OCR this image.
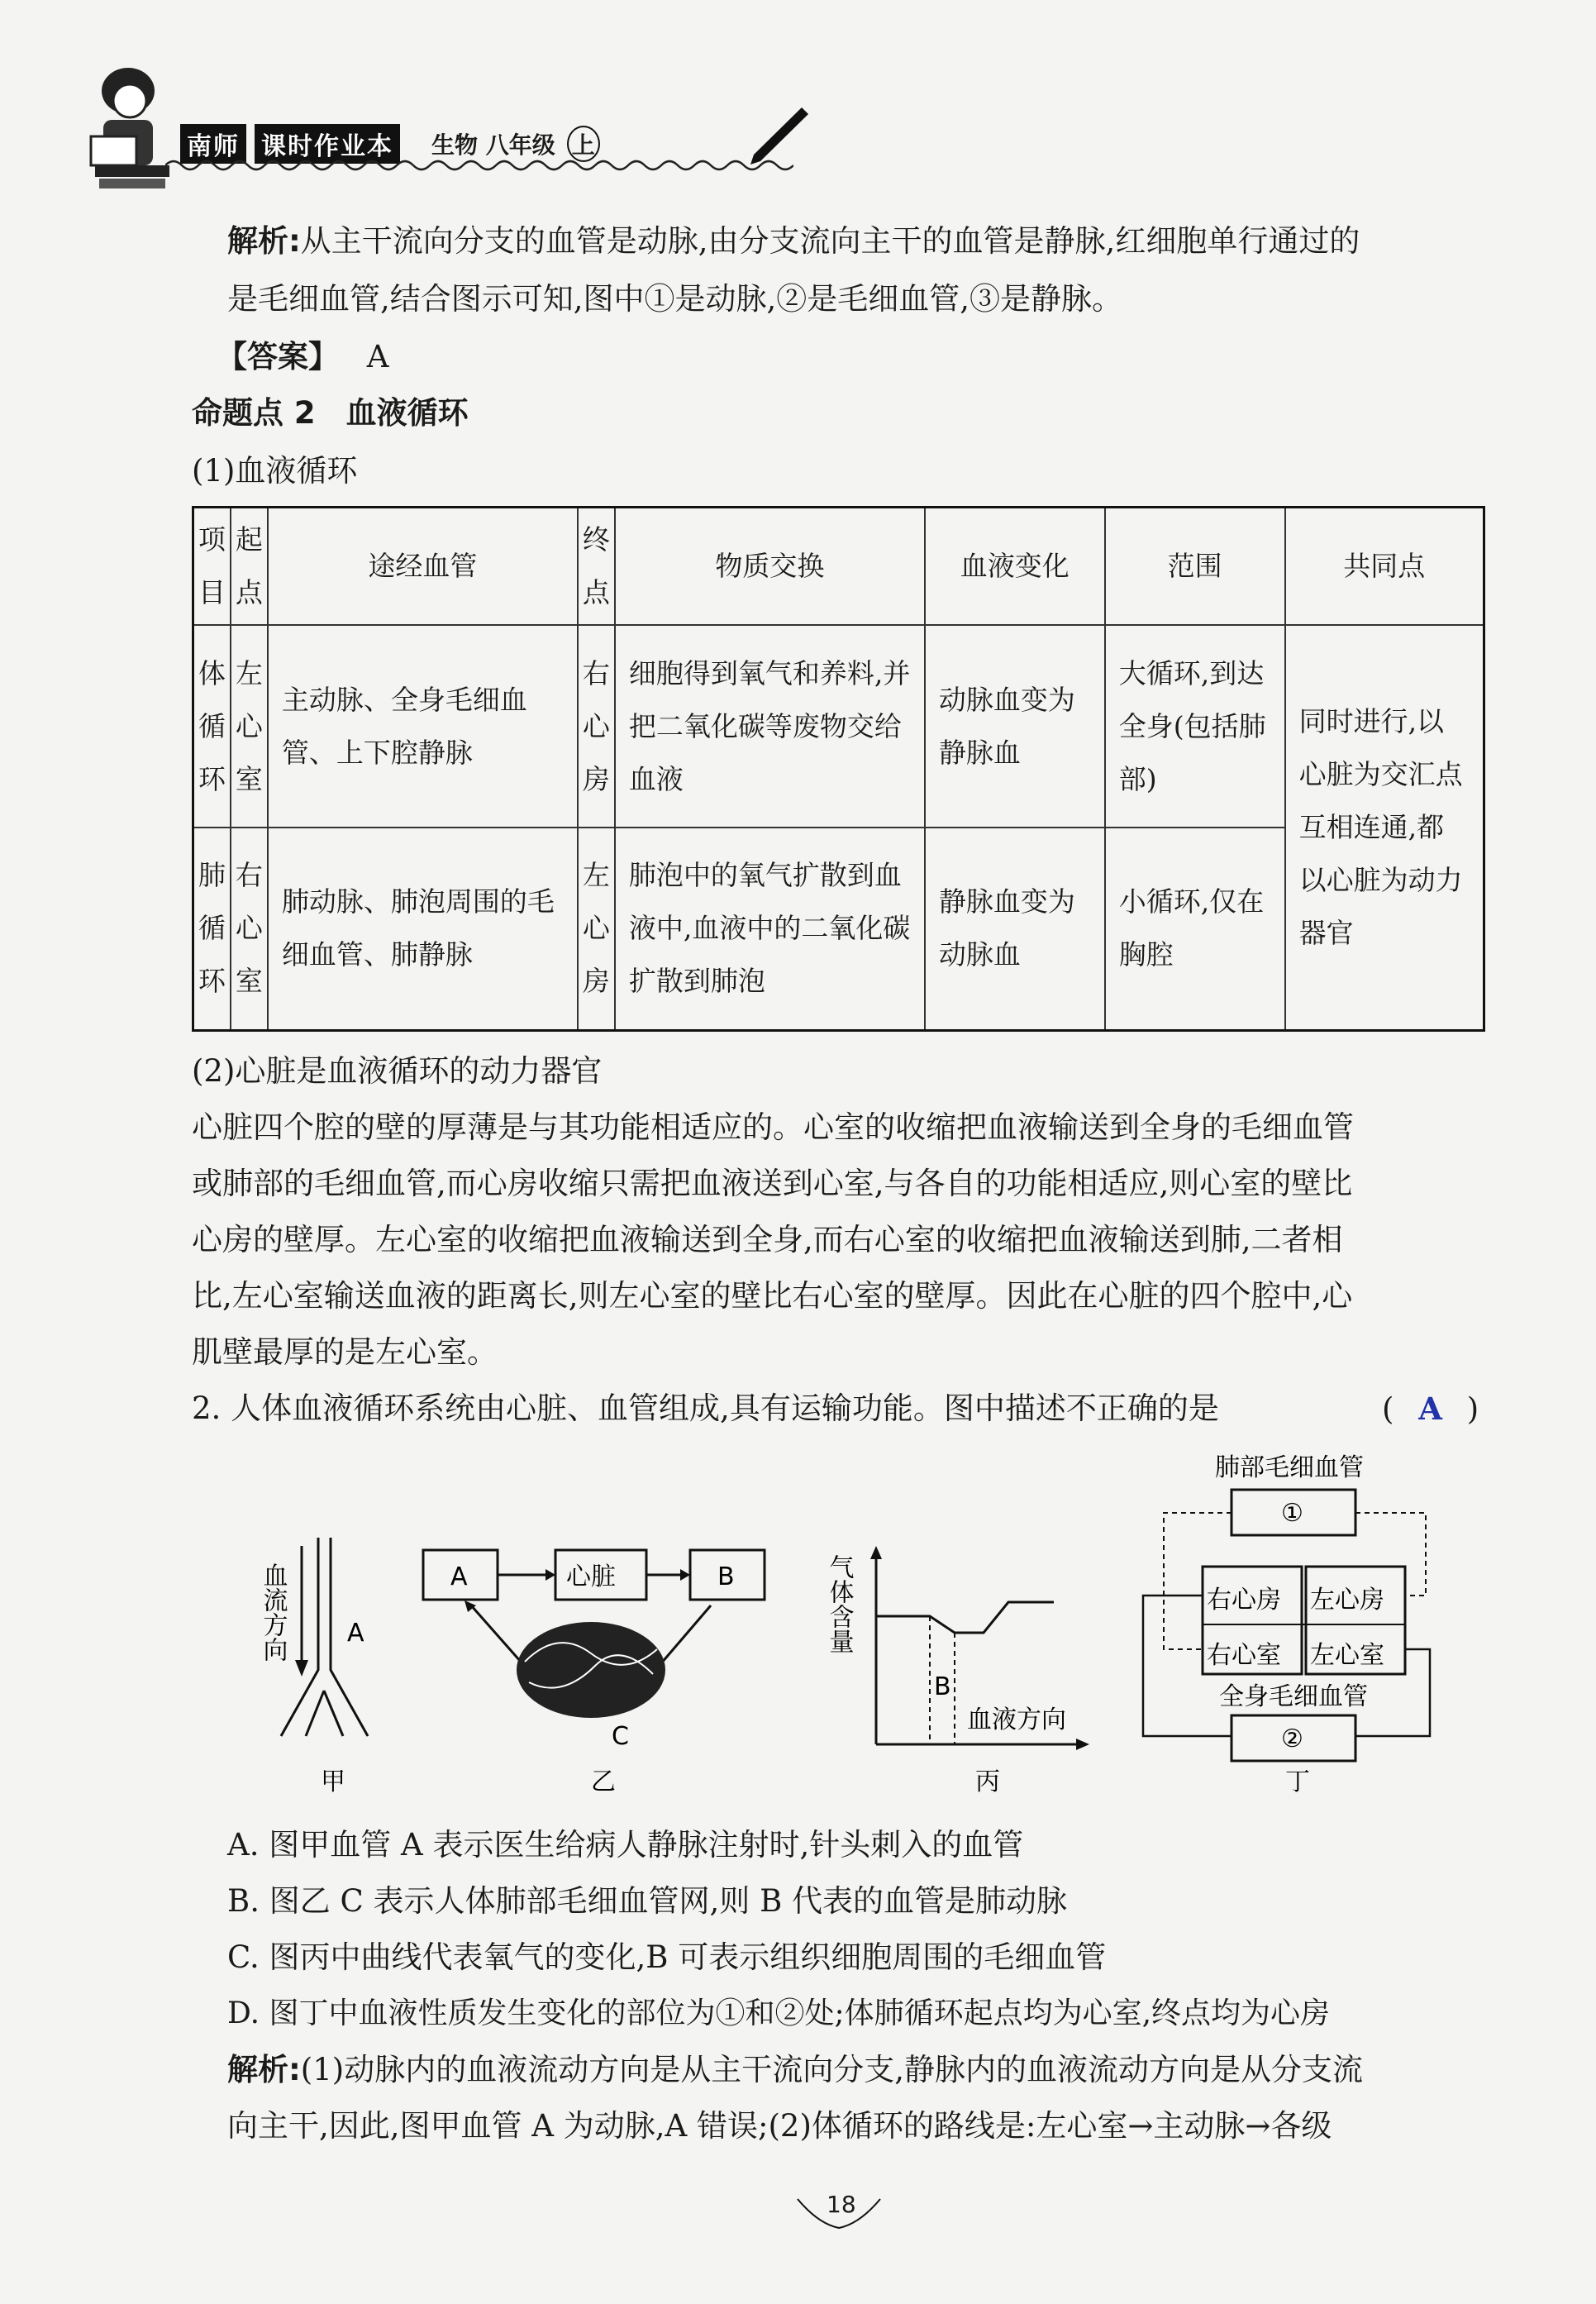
南师 课时作业本 生物 八年级 上

解析:从主干流向分支的血管是动脉,由分支流向主干的血管是静脉,红细胞单行通过的

是毛细血管,结合图示可知,图中①是动脉,②是毛细血管,③是静脉。

【答案】 A

命题点 2　血液循环

(1)血液循环

项目	起点	途经血管	终点	物质交换	血液变化	范围	共同点
体循环	左心室	主动脉、全身毛细血管、上下腔静脉	右心房	细胞得到氧气和养料,并把二氧化碳等废物交给血液	动脉血变为静脉血	大循环,到达全身(包括肺部)	同时进行,以心脏为交汇点互相连通,都以心脏为动力器官
肺循环	右心室	肺动脉、肺泡周围的毛细血管、肺静脉	左心房	肺泡中的氧气扩散到血液中,血液中的二氧化碳扩散到肺泡	静脉血变为动脉血	小循环,仅在胸腔	

(2)心脏是血液循环的动力器官

心脏四个腔的壁的厚薄是与其功能相适应的。心室的收缩把血液输送到全身的毛细血管

或肺部的毛细血管,而心房收缩只需把血液送到心室,与各自的功能相适应,则心室的壁比

心房的壁厚。左心室的收缩把血液输送到全身,而右心室的收缩把血液输送到肺,二者相

比,左心室输送血液的距离长,则左心室的壁比右心室的壁厚。因此在心脏的四个腔中,心

肌壁最厚的是左心室。

2. 人体血液循环系统由心脏、血管组成,具有运输功能。图中描述不正确的是	( A )

血流方向 A
甲
A	心脏	B
C
乙
气体含量
B
血液方向
丙
肺部毛细血管
①
右心房 左心房
右心室 左心室
全身毛细血管
②
丁

A. 图甲血管 A 表示医生给病人静脉注射时,针头刺入的血管

B. 图乙 C 表示人体肺部毛细血管网,则 B 代表的血管是肺动脉

C. 图丙中曲线代表氧气的变化,B 可表示组织细胞周围的毛细血管

D. 图丁中血液性质发生变化的部位为①和②处;体肺循环起点均为心室,终点均为心房

解析:(1)动脉内的血液流动方向是从主干流向分支,静脉内的血液流动方向是从分支流

向主干,因此,图甲血管 A 为动脉,A 错误;(2)体循环的路线是:左心室→主动脉→各级

18
